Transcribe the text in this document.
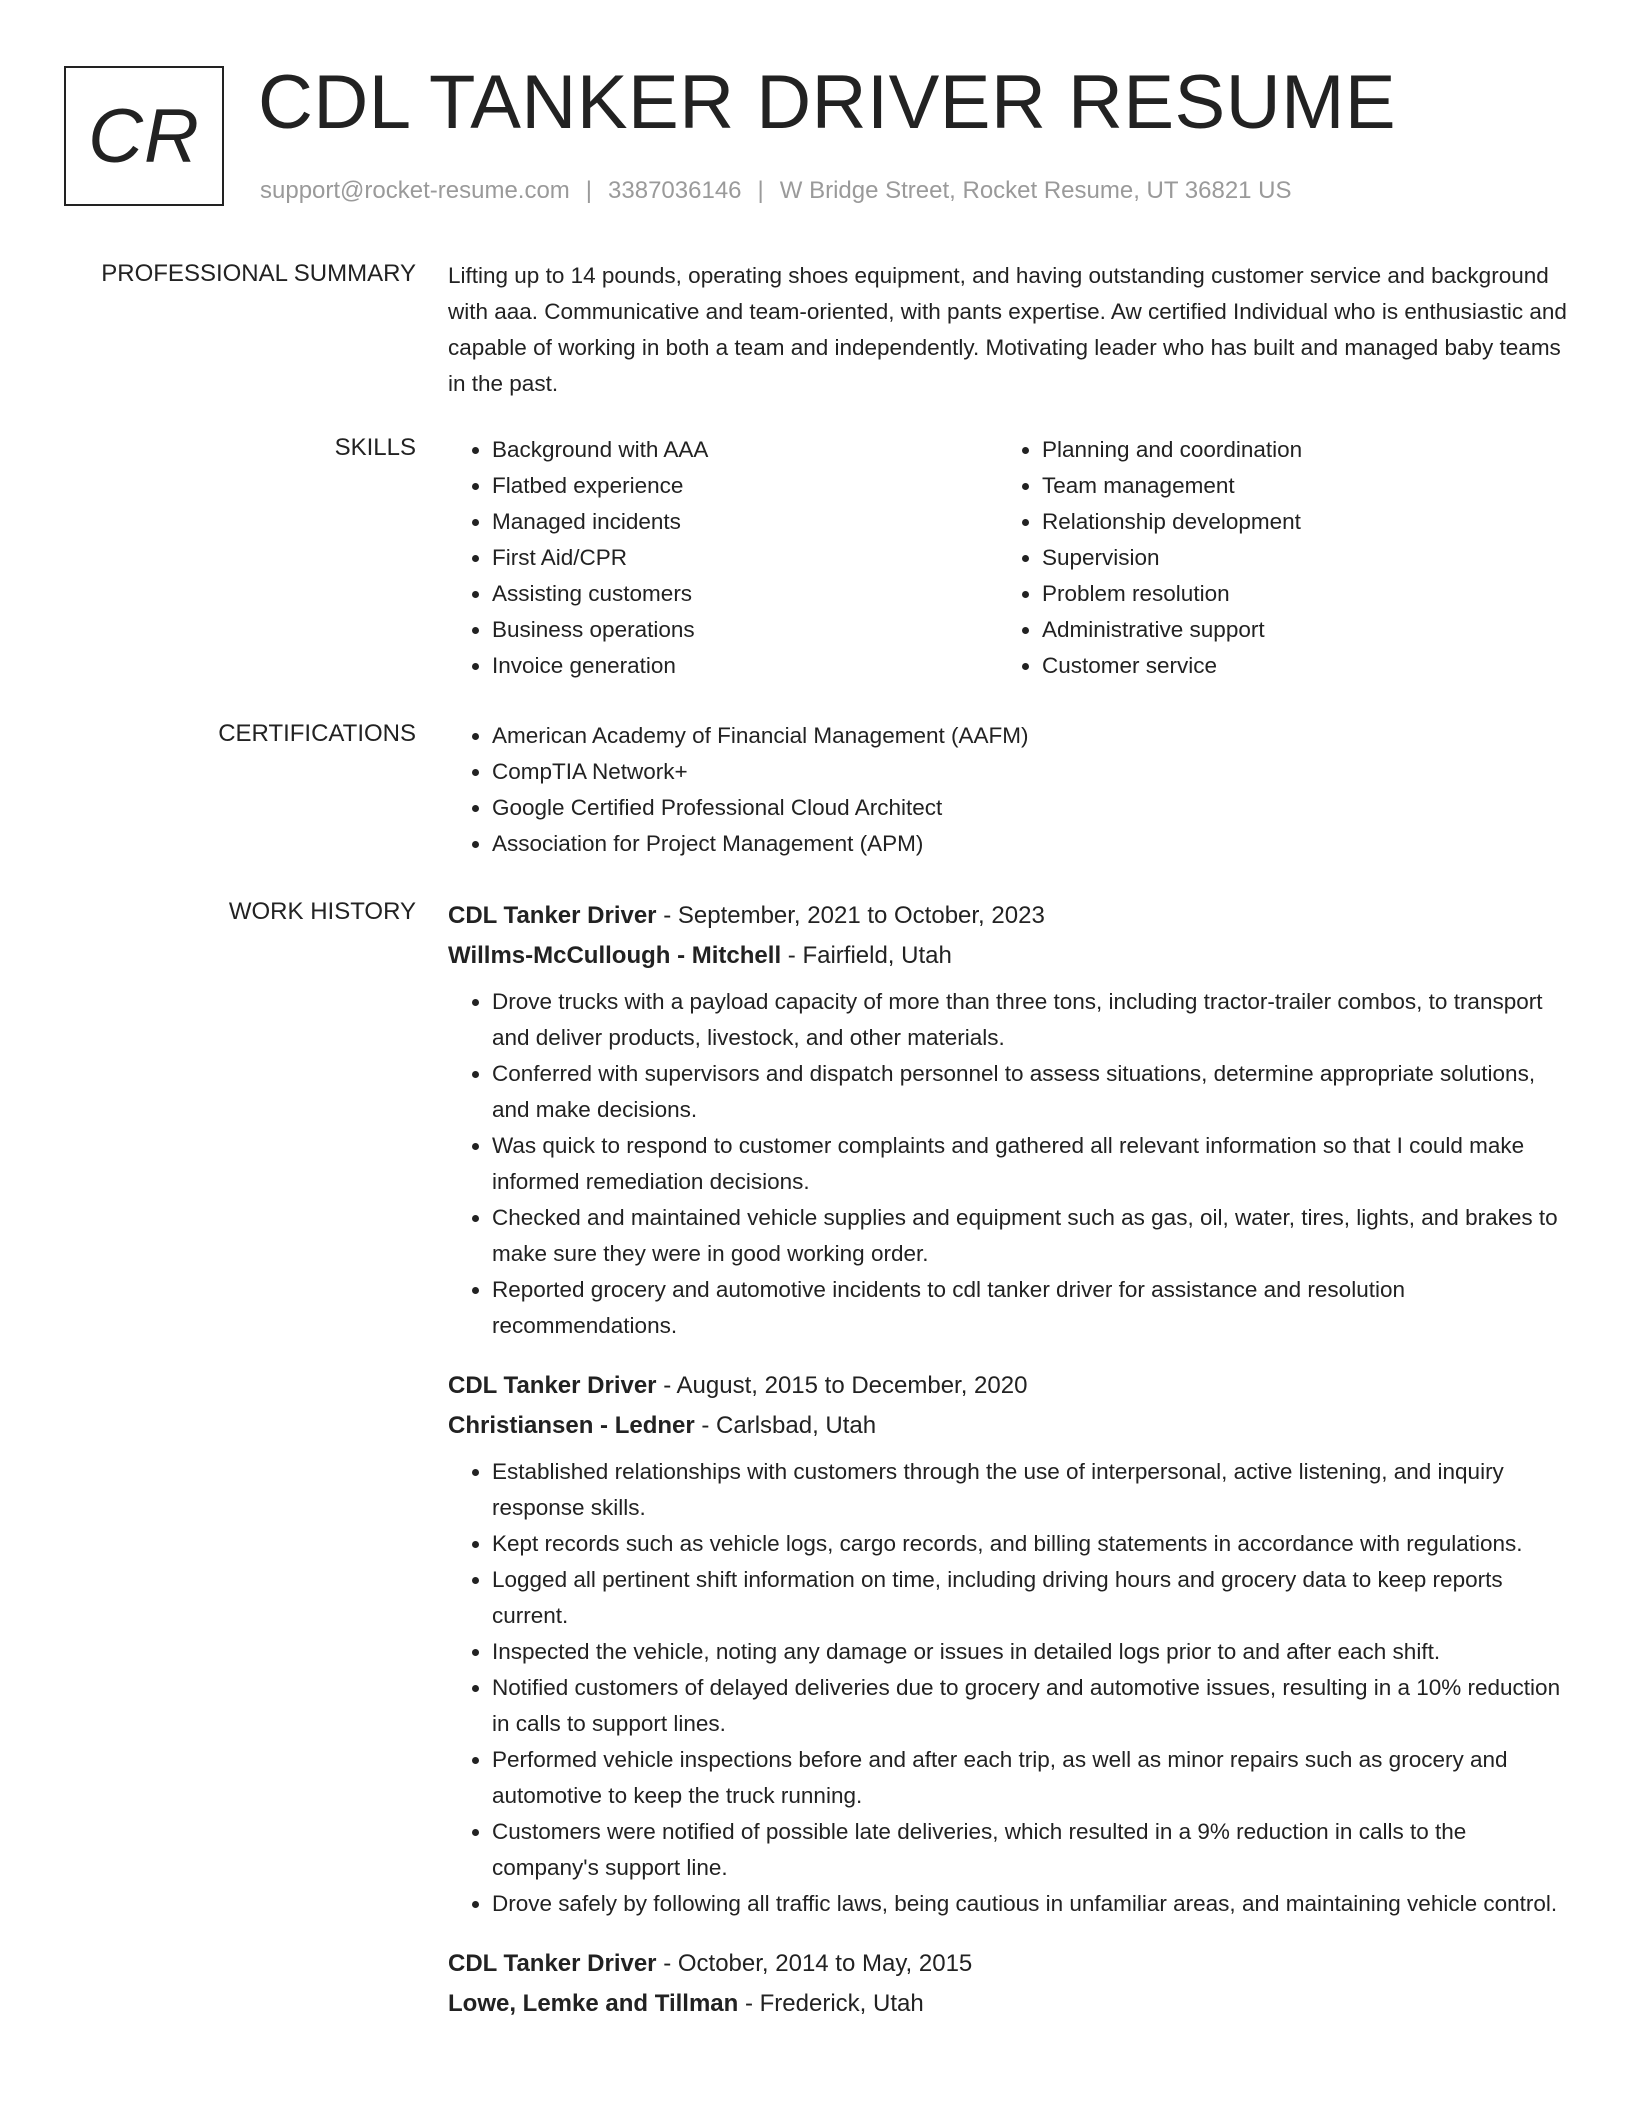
CR CDL TANKER DRIVER RESUME
support@rocket-resume.com | 3387036146 | W Bridge Street, Rocket Resume, UT 36821 US
PROFESSIONAL SUMMARY Lifting up to 14 pounds, operating shoes equipment, and having outstanding customer service and background with aaa. Communicative and team-oriented, with pants expertise. Aw certified Individual who is enthusiastic and capable of working in both a team and independently. Motivating leader who has built and managed baby teams in the past.

SKILLS	• Background with AAA
• Flatbed experience
• Managed incidents
• First Aid/CPR
• Assisting customers
• Business operations
• Invoice generation
• Planning and coordination
• Team management
• Relationship development
• Supervision
• Problem resolution
• Administrative support
• Customer service
CERTIFICATIONS	• American Academy of Financial Management (AAFM)
• CompTIA Network+
• Google Certified Professional Cloud Architect
• Association for Project Management (APM)
WORK HISTORY CDL Tanker Driver - September, 2021 to October, 2023
Willms-McCullough - Mitchell - Fairfield, Utah
• Drove trucks with a payload capacity of more than three tons, including tractor-trailer combos, to transport and deliver products, livestock, and other materials.
• Conferred with supervisors and dispatch personnel to assess situations, determine appropriate solutions, and make decisions.
• Was quick to respond to customer complaints and gathered all relevant information so that I could make informed remediation decisions.
• Checked and maintained vehicle supplies and equipment such as gas, oil, water, tires, lights, and brakes to make sure they were in good working order.
• Reported grocery and automotive incidents to cdl tanker driver for assistance and resolution recommendations.
CDL Tanker Driver - August, 2015 to December, 2020
Christiansen - Ledner - Carlsbad, Utah
• Established relationships with customers through the use of interpersonal, active listening, and inquiry response skills.
• Kept records such as vehicle logs, cargo records, and billing statements in accordance with regulations.
• Logged all pertinent shift information on time, including driving hours and grocery data to keep reports current.
• Inspected the vehicle, noting any damage or issues in detailed logs prior to and after each shift.
• Notified customers of delayed deliveries due to grocery and automotive issues, resulting in a 10% reduction in calls to support lines.
• Performed vehicle inspections before and after each trip, as well as minor repairs such as grocery and automotive to keep the truck running.
• Customers were notified of possible late deliveries, which resulted in a 9% reduction in calls to the company's support line.
• Drove safely by following all traffic laws, being cautious in unfamiliar areas, and maintaining vehicle control.
CDL Tanker Driver - October, 2014 to May, 2015
Lowe, Lemke and Tillman - Frederick, Utah
